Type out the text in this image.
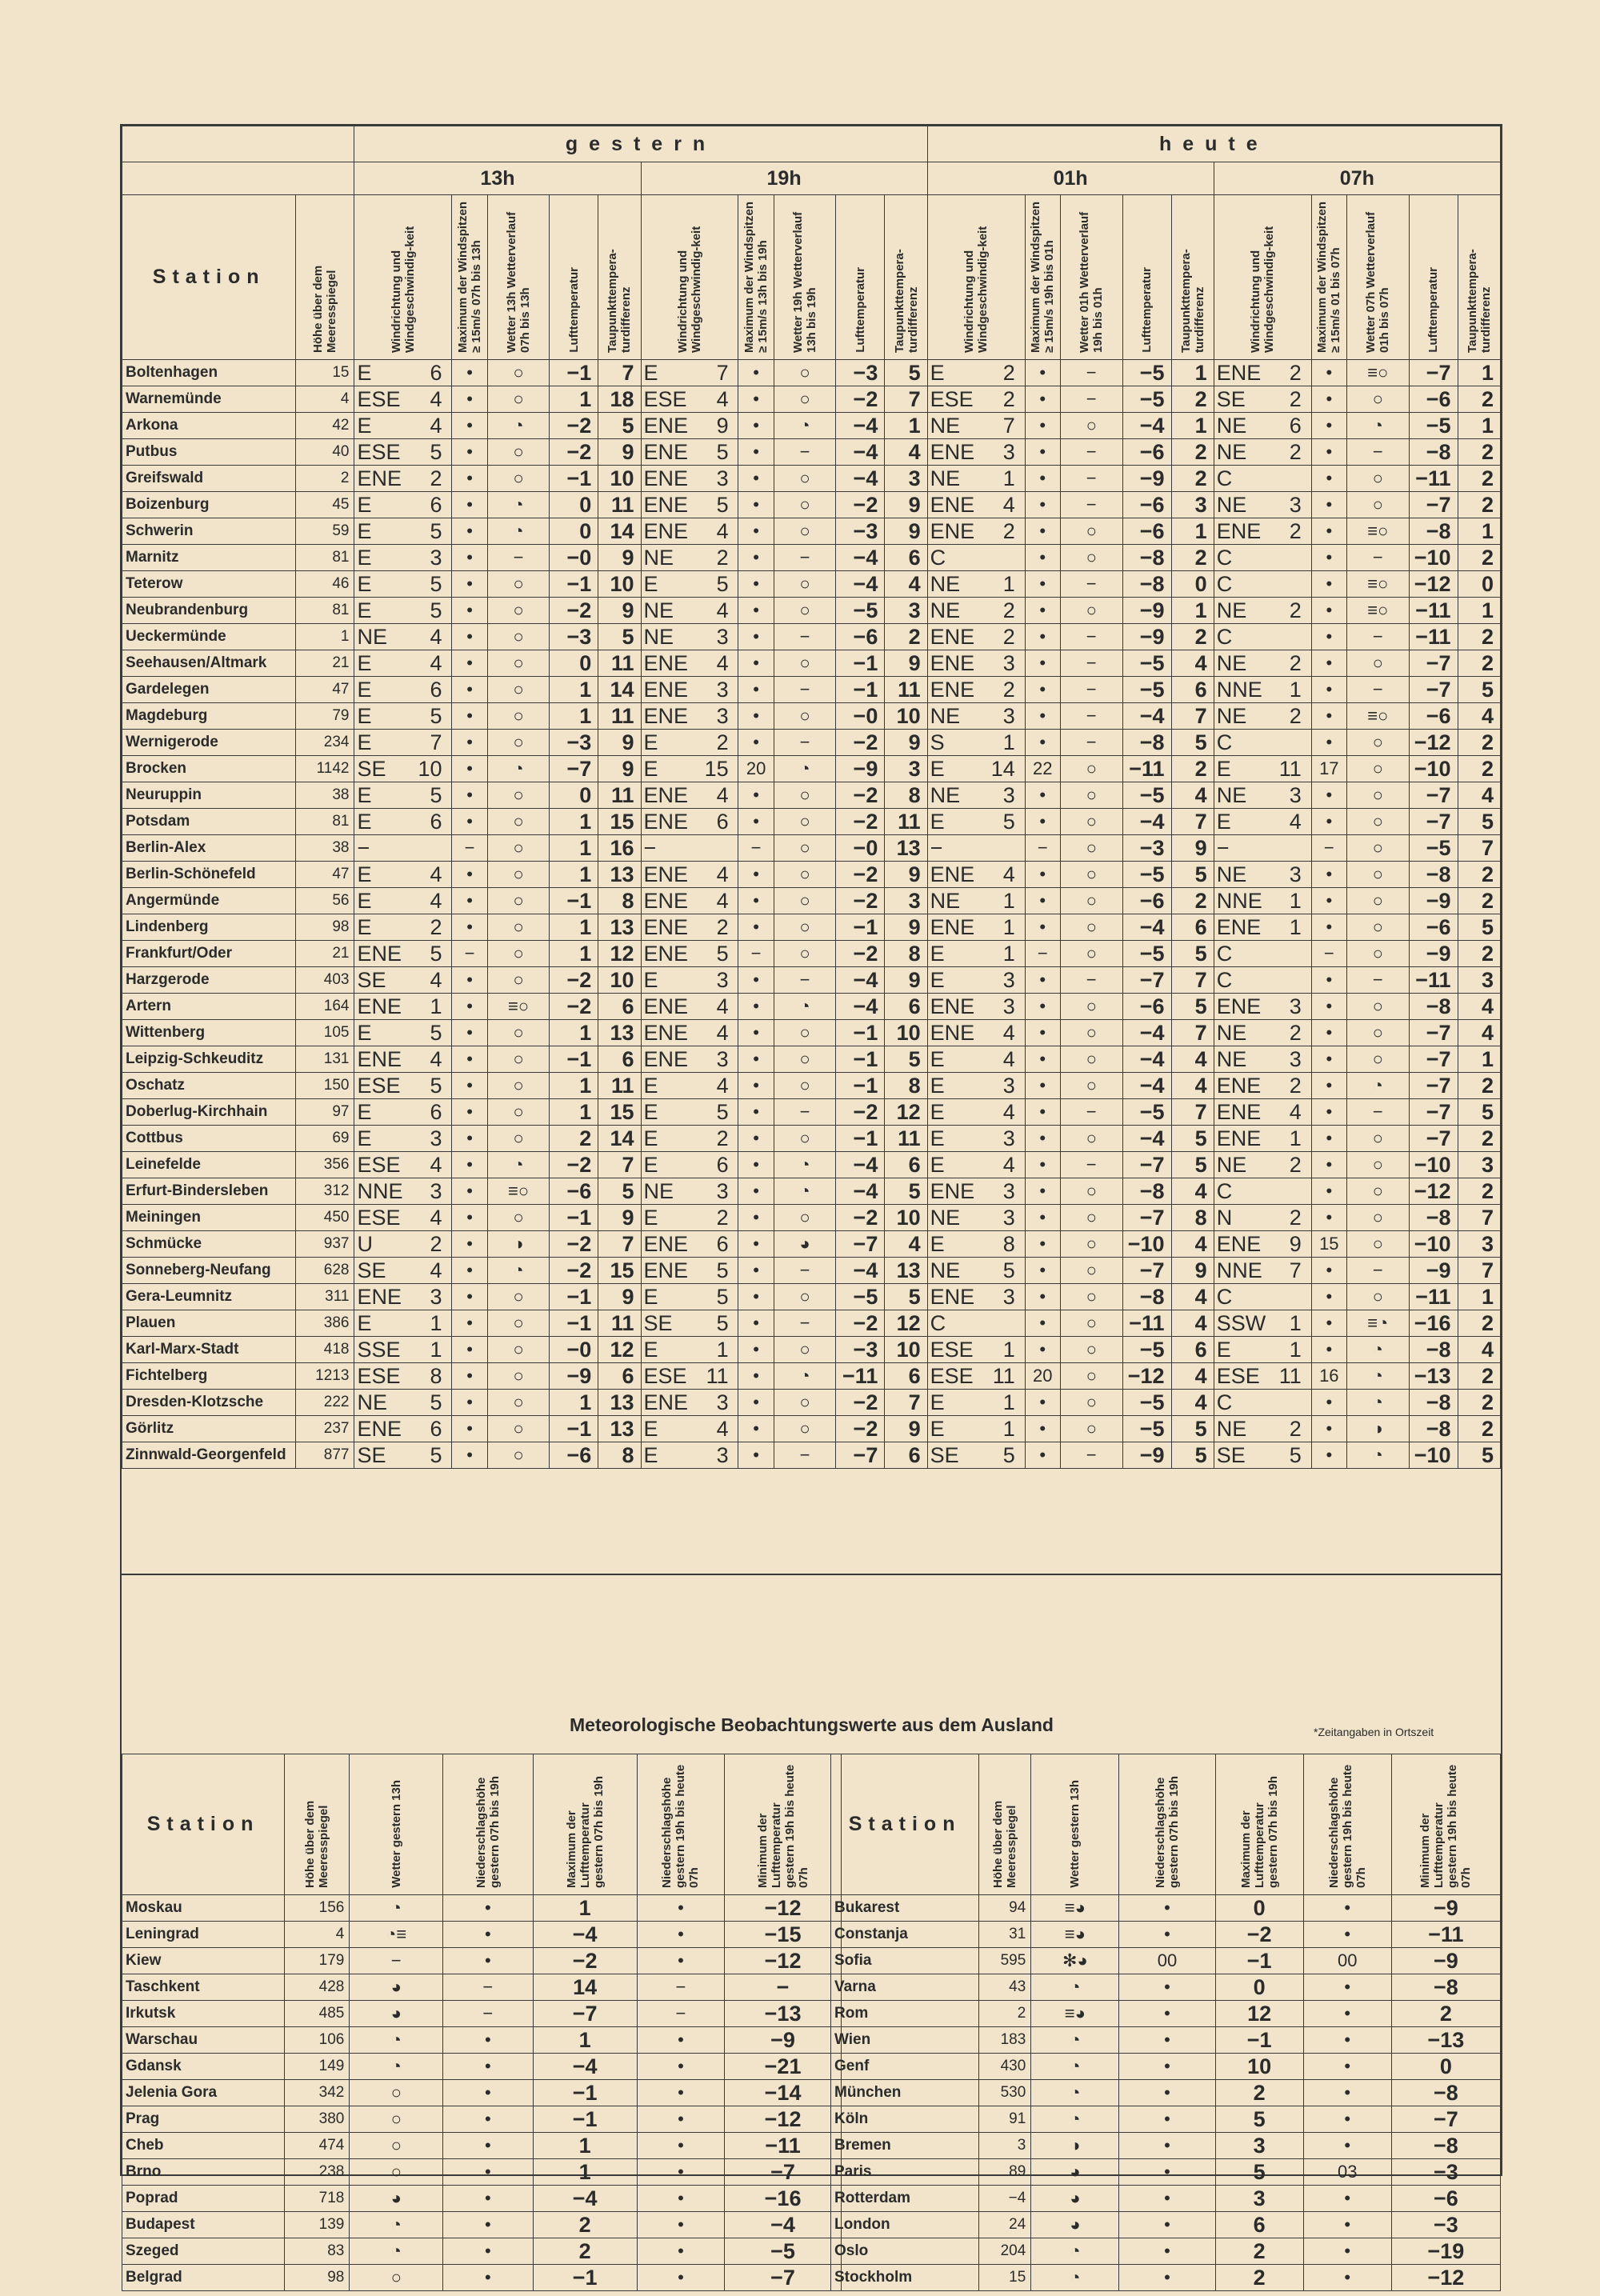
		gestern										heute									
		13h					19h					01h					07h				
Station	Höhe über dem Meeresspiegel	Windrichtung und Windgeschwindig-keit	Maximum der Windspitzen ≥ 15m/s 07h bis 13h	Wetter 13h Wetterverlauf 07h bis 13h	Lufttemperatur	Taupunkttempera-turdifferenz	Windrichtung und Windgeschwindig-keit	Maximum der Windspitzen ≥ 15m/s 13h bis 19h	Wetter 19h Wetterverlauf 13h bis 19h	Lufttemperatur	Taupunkttempera-turdifferenz	Windrichtung und Windgeschwindig-keit	Maximum der Windspitzen ≥ 15m/s 19h bis 01h	Wetter 01h Wetterverlauf 19h bis 01h	Lufttemperatur	Taupunkttempera-turdifferenz	Windrichtung und Windgeschwindig-keit	Maximum der Windspitzen ≥ 15m/s 01 bis 07h	Wetter 07h Wetterverlauf 01h bis 07h	Lufttemperatur	Taupunkttempera-turdifferenz
Boltenhagen	15	E 6	•	○	−1	7	E 7	•	○	−3	5	E 2	•	−	−5	1	ENE 2	•	≡○	−7	1
Warnemünde	4	ESE 4	•	○	1	18	ESE 4	•	○	−2	7	ESE 2	•	−	−5	2	SE 2	•	○	−6	2
Arkona	42	E 4	•	◔	−2	5	ENE 9	•	◔	−4	1	NE 7	•	○	−4	1	NE 6	•	◔	−5	1
Putbus	40	ESE 5	•	○	−2	9	ENE 5	•	−	−4	4	ENE 3	•	−	−6	2	NE 2	•	−	−8	2
Greifswald	2	ENE 2	•	○	−1	10	ENE 3	•	○	−4	3	NE 1	•	−	−9	2	C	•	○	−11	2
Boizenburg	45	E 6	•	◔	0	11	ENE 5	•	○	−2	9	ENE 4	•	−	−6	3	NE 3	•	○	−7	2
Schwerin	59	E 5	•	◔	0	14	ENE 4	•	○	−3	9	ENE 2	•	○	−6	1	ENE 2	•	≡○	−8	1
Marnitz	81	E 3	•	−	−0	9	NE 2	•	−	−4	6	C	•	○	−8	2	C	•	−	−10	2
Teterow	46	E 5	•	○	−1	10	E 5	•	○	−4	4	NE 1	•	−	−8	0	C	•	≡○	−12	0
Neubrandenburg	81	E 5	•	○	−2	9	NE 4	•	○	−5	3	NE 2	•	○	−9	1	NE 2	•	≡○	−11	1
Ueckermünde	1	NE 4	•	○	−3	5	NE 3	•	−	−6	2	ENE 2	•	−	−9	2	C	•	−	−11	2
Seehausen/Altmark	21	E 4	•	○	0	11	ENE 4	•	○	−1	9	ENE 3	•	−	−5	4	NE 2	•	○	−7	2
Gardelegen	47	E 6	•	○	1	14	ENE 3	•	−	−1	11	ENE 2	•	−	−5	6	NNE 1	•	−	−7	5
Magdeburg	79	E 5	•	○	1	11	ENE 3	•	○	−0	10	NE 3	•	−	−4	7	NE 2	•	≡○	−6	4
Wernigerode	234	E 7	•	○	−3	9	E 2	•	−	−2	9	S 1	•	−	−8	5	C	•	○	−12	2
Brocken	1142	SE 10	•	◔	−7	9	E 15	20	◔	−9	3	E 14	22	○	−11	2	E 11	17	○	−10	2
Neuruppin	38	E 5	•	○	0	11	ENE 4	•	○	−2	8	NE 3	•	○	−5	4	NE 3	•	○	−7	4
Potsdam	81	E 6	•	○	1	15	ENE 6	•	○	−2	11	E 5	•	○	−4	7	E 4	•	○	−7	5
Berlin-Alex	38	−	−	○	1	16	−	−	○	−0	13	−	−	○	−3	9	−	−	○	−5	7
Berlin-Schönefeld	47	E 4	•	○	1	13	ENE 4	•	○	−2	9	ENE 4	•	○	−5	5	NE 3	•	○	−8	2
Angermünde	56	E 4	•	○	−1	8	ENE 4	•	○	−2	3	NE 1	•	○	−6	2	NNE 1	•	○	−9	2
Lindenberg	98	E 2	•	○	1	13	ENE 2	•	○	−1	9	ENE 1	•	○	−4	6	ENE 1	•	○	−6	5
Frankfurt/Oder	21	ENE 5	−	○	1	12	ENE 5	−	○	−2	8	E 1	−	○	−5	5	C	−	○	−9	2
Harzgerode	403	SE 4	•	○	−2	10	E 3	•	−	−4	9	E 3	•	−	−7	7	C	•	−	−11	3
Artern	164	ENE 1	•	≡○	−2	6	ENE 4	•	◔	−4	6	ENE 3	•	○	−6	5	ENE 3	•	○	−8	4
Wittenberg	105	E 5	•	○	1	13	ENE 4	•	○	−1	10	ENE 4	•	○	−4	7	NE 2	•	○	−7	4
Leipzig-Schkeuditz	131	ENE 4	•	○	−1	6	ENE 3	•	○	−1	5	E 4	•	○	−4	4	NE 3	•	○	−7	1
Oschatz	150	ESE 5	•	○	1	11	E 4	•	○	−1	8	E 3	•	○	−4	4	ENE 2	•	◔	−7	2
Doberlug-Kirchhain	97	E 6	•	○	1	15	E 5	•	−	−2	12	E 4	•	−	−5	7	ENE 4	•	−	−7	5
Cottbus	69	E 3	•	○	2	14	E 2	•	○	−1	11	E 3	•	○	−4	5	ENE 1	•	○	−7	2
Leinefelde	356	ESE 4	•	◔	−2	7	E 6	•	◔	−4	6	E 4	•	−	−7	5	NE 2	•	○	−10	3
Erfurt-Bindersleben	312	NNE 3	•	≡○	−6	5	NE 3	•	◔	−4	5	ENE 3	•	○	−8	4	C	•	○	−12	2
Meiningen	450	ESE 4	•	○	−1	9	E 2	•	○	−2	10	NE 3	•	○	−7	8	N 2	•	○	−8	7
Schmücke	937	U 2	•	◑	−2	7	ENE 6	•	◕	−7	4	E 8	•	○	−10	4	ENE 9	15	○	−10	3
Sonneberg-Neufang	628	SE 4	•	◔	−2	15	ENE 5	•	−	−4	13	NE 5	•	○	−7	9	NNE 7	•	−	−9	7
Gera-Leumnitz	311	ENE 3	•	○	−1	9	E 5	•	○	−5	5	ENE 3	•	○	−8	4	C	•	○	−11	1
Plauen	386	E 1	•	○	−1	11	SE 5	•	−	−2	12	C	•	○	−11	4	SSW 1	•	≡◔	−16	2
Karl-Marx-Stadt	418	SSE 1	•	○	−0	12	E 1	•	○	−3	10	ESE 1	•	○	−5	6	E 1	•	◔	−8	4
Fichtelberg	1213	ESE 8	•	○	−9	6	ESE 11	•	◔	−11	6	ESE 11	20	○	−12	4	ESE 11	16	◔	−13	2
Dresden-Klotzsche	222	NE 5	•	○	1	13	ENE 3	•	○	−2	7	E 1	•	○	−5	4	C	•	◔	−8	2
Görlitz	237	ENE 6	•	○	−1	13	E 4	•	○	−2	9	E 1	•	○	−5	5	NE 2	•	◑	−8	2
Zinnwald-Georgenfeld	877	SE 5	•	○	−6	8	E 3	•	−	−7	6	SE 5	•	−	−9	5	SE 5	•	◔	−10	5
Meteorologische Beobachtungswerte aus dem Ausland	*Zeitangaben in Ortszeit
Station	Höhe über dem Meeresspiegel	Wetter gestern 13h	Niederschlagshöhe gestern 07h bis 19h	Maximum der Lufttemperatur gestern 07h bis 19h	Niederschlagshöhe gestern 19h bis heute 07h	Minimum der Lufttemperatur gestern 19h bis heute 07h
Moskau	156	◔	•	1	•	−12
Leningrad	4	◔≡	•	−4	•	−15
Kiew	179	−	•	−2	•	−12
Taschkent	428	◕	−	14	−	−
Irkutsk	485	◕	−	−7	−	−13
Warschau	106	◔	•	1	•	−9
Gdansk	149	◔	•	−4	•	−21
Jelenia Gora	342	○	•	−1	•	−14
Prag	380	○	•	−1	•	−12
Cheb	474	○	•	1	•	−11
Brno	238	○	•	1	•	−7
Poprad	718	◕	•	−4	•	−16
Budapest	139	◔	•	2	•	−4
Szeged	83	◔	•	2	•	−5
Belgrad	98	○	•	−1	•	−7
Station	Höhe über dem Meeresspiegel	Wetter gestern 13h	Niederschlagshöhe gestern 07h bis 19h	Maximum der Lufttemperatur gestern 07h bis 19h	Niederschlagshöhe gestern 19h bis heute 07h	Minimum der Lufttemperatur gestern 19h bis heute 07h
Bukarest	94	≡◕	•	0	•	−9
Constanja	31	≡◕	•	−2	•	−11
Sofia	595	✻◕	00	−1	00	−9
Varna	43	◔	•	0	•	−8
Rom	2	≡◕	•	12	•	2
Wien	183	◔	•	−1	•	−13
Genf	430	◔	•	10	•	0
München	530	◔	•	2	•	−8
Köln	91	◔	•	5	•	−7
Bremen	3	◑	•	3	•	−8
Paris	89	◕	•	5	03	−3
Rotterdam	−4	◕	•	3	•	−6
London	24	◕	•	6	•	−3
Oslo	204	◔	•	2	•	−19
Stockholm	15	◔	•	2	•	−12
